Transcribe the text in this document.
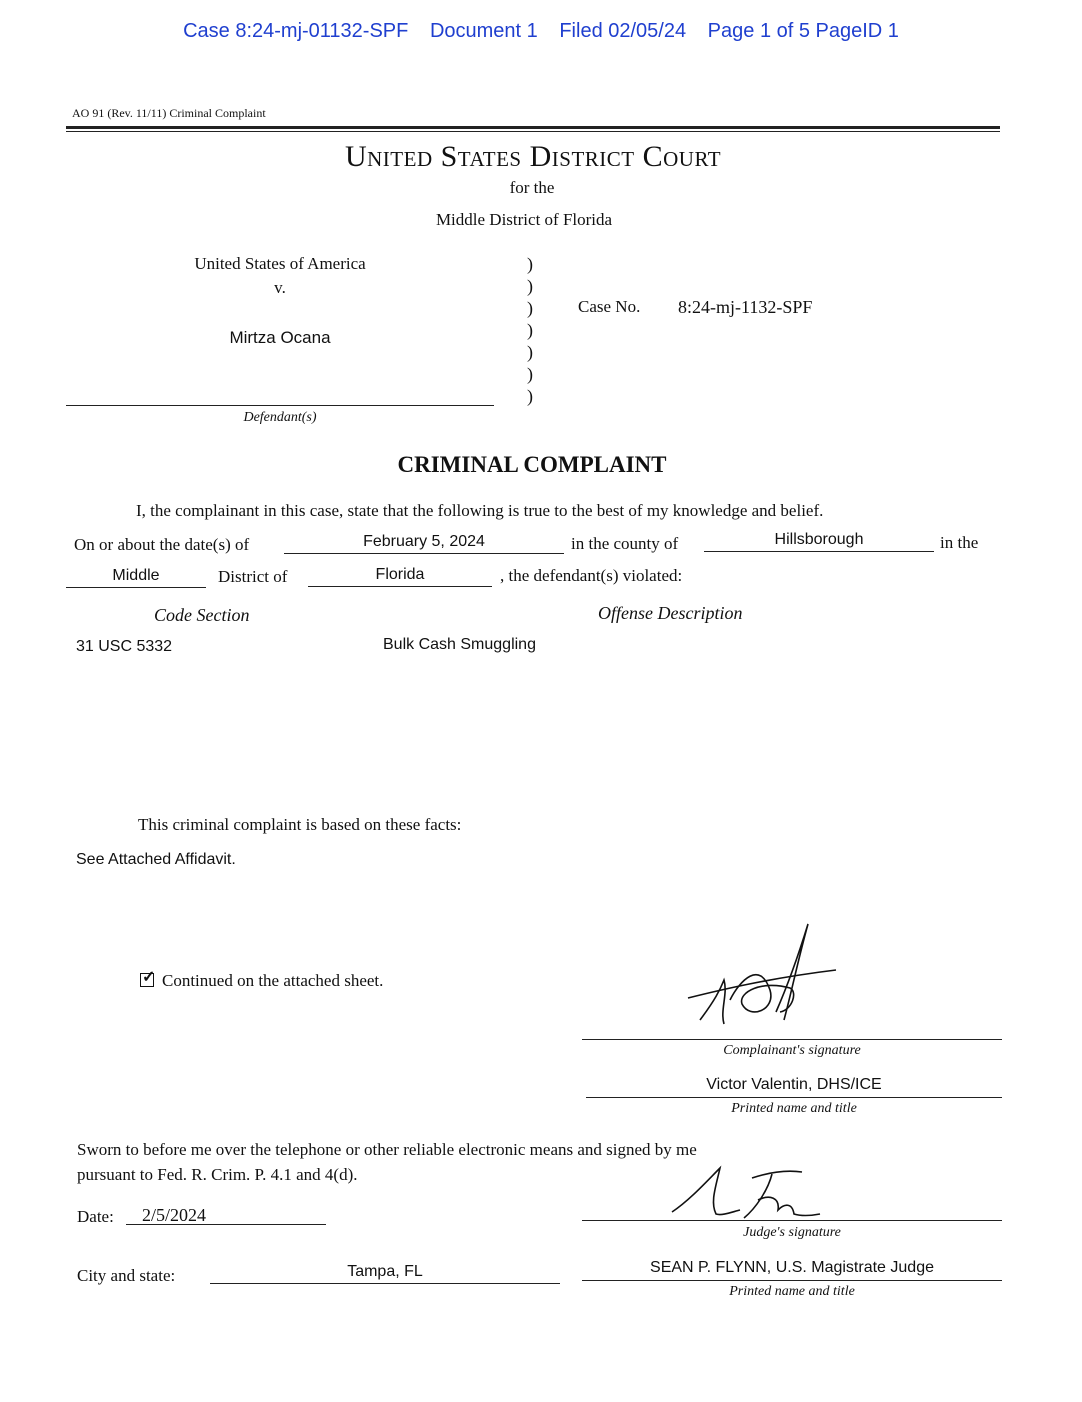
Case 8:24-mj-01132-SPF Document 1 Filed 02/05/24 Page 1 of 5 PageID 1
AO 91 (Rev. 11/11) Criminal Complaint
United States District Court
for the
Middle District of Florida
United States of America
v.
Mirtza Ocana
Defendant(s)
)
)
)
)
)
)
)
Case No. 8:24-mj-1132-SPF
CRIMINAL COMPLAINT
I, the complainant in this case, state that the following is true to the best of my knowledge and belief.
On or about the date(s) of	February 5, 2024	in the county of	Hillsborough	in the
Middle	District of	Florida	, the defendant(s) violated:
Code Section	Offense Description
31 USC 5332	Bulk Cash Smuggling
This criminal complaint is based on these facts:
See Attached Affidavit.
✓Continued on the attached sheet.
Complainant's signature
Victor Valentin, DHS/ICE
Printed name and title
Sworn to before me over the telephone or other reliable electronic means and signed by me
pursuant to Fed. R. Crim. P. 4.1 and 4(d).
Date: 2/5/2024
City and state:	Tampa, FL
Judge's signature
SEAN P. FLYNN, U.S. Magistrate Judge
Printed name and title
